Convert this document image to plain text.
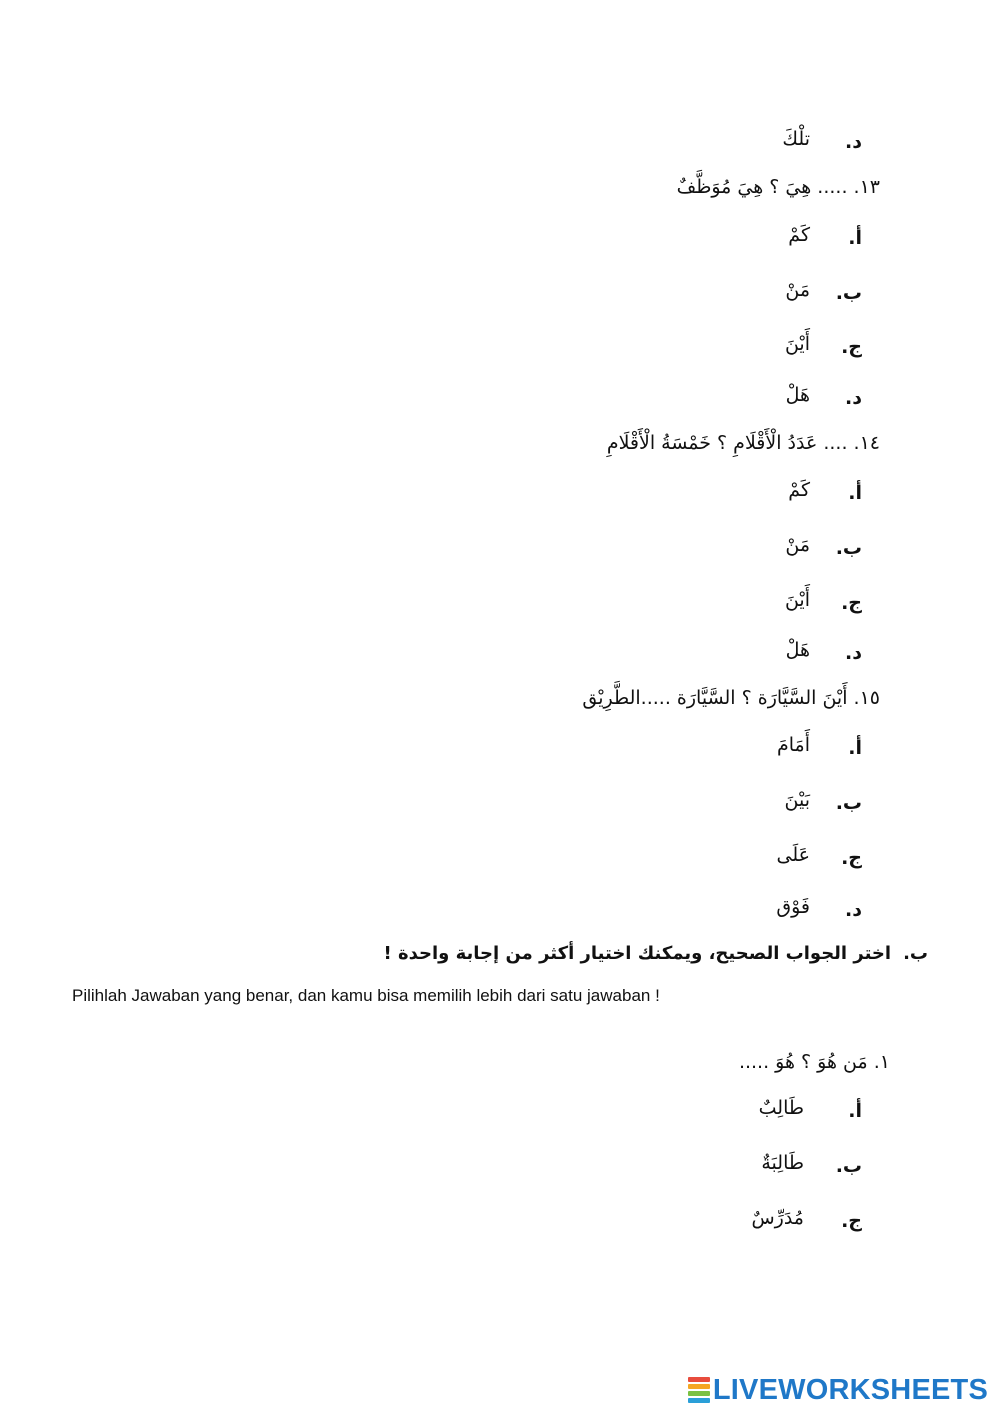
د.
تلْكَ
١٣. ..... هِيَ ؟ هِيَ مُوَظَّفٌ
أ.
كَمْ
ب.
مَنْ
ج.
أَيْنَ
د.
هَلْ
١٤. .... عَدَدُ الْأَقْلَامِ ؟ خَمْسَةُ الْأَقْلَامِ
أ.
كَمْ
ب.
مَنْ
ج.
أَيْنَ
د.
هَلْ
١٥. أَيْنَ السَّيَّارَة ؟ السَّيَّارَة .....الطَّرِيْق
أ.
أَمَامَ
ب.
بَيْنَ
ج.
عَلَى
د.
فَوْق
ب.اختر الجواب الصحيح، ويمكنك اختيار أكثر من إجابة واحدة !
Pilihlah Jawaban yang benar, dan kamu bisa memilih lebih dari satu jawaban !
١. مَن هُوَ ؟ هُوَ .....
أ.
طَالِبٌ
ب.
طَالِبَةٌ
ج.
مُدَرِّسٌ
LIVEWORKSHEETS
